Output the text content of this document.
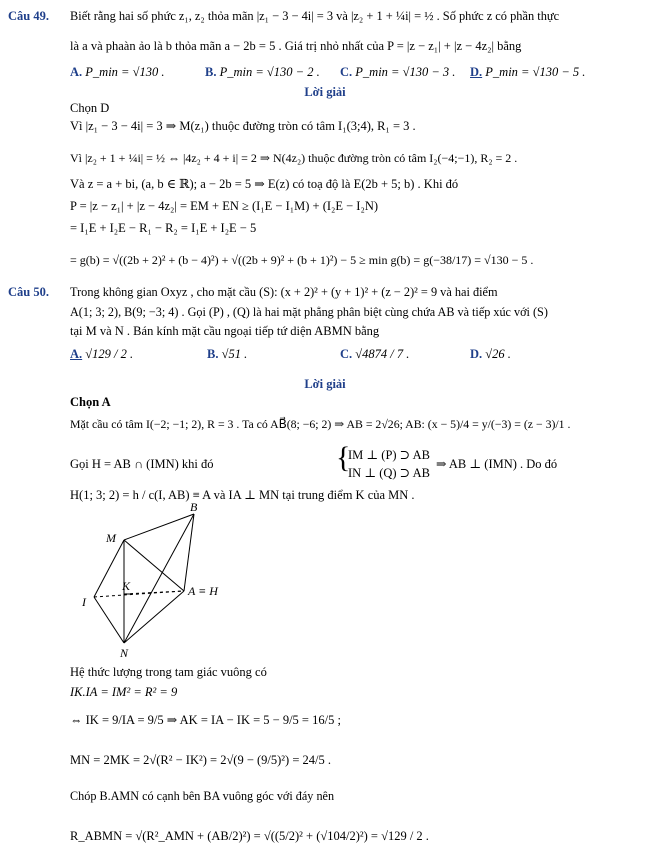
Câu 49. Biết rằng hai số phức z₁, z₂ thỏa mãn |z₁ − 3 − 4i| = 3 và |z₂ + 1 + ¼i| = ½ . Số phức z có phần thực
là a và phaàn ảo là b thỏa mãn a − 2b = 5 . Giá trị nhỏ nhất của P = |z − z₁| + |z − 4z₂| bằng
A. P_min = √130 .	B. P_min = √130 − 2 . C. P_min = √130 − 3 . D. P_min = √130 − 5 .
Lời giải
Chọn D
Vì |z₁ − 3 − 4i| = 3 ⇒ M(z₁) thuộc đường tròn có tâm I₁(3;4), R₁ = 3 .
Vì |z₂ + 1 + ¼i| = ½ ⇔ |4z₂ + 4 + i| = 2 ⇒ N(4z₂) thuộc đường tròn có tâm I₂(−4;−1), R₂ = 2 .
Và z = a + bi, (a, b ∈ ℝ); a − 2b = 5 ⇒ E(z) có toạ độ là E(2b + 5; b) . Khi đó
P = |z − z₁| + |z − 4z₂| = EM + EN ≥ (I₁E − I₁M) + (I₂E − I₂N)
= I₁E + I₂E − R₁ − R₂ = I₁E + I₂E − 5
= g(b) = √((2b + 2)² + (b − 4)²) + √((2b + 9)² + (b + 1)²) − 5 ≥ min g(b) = g(−38/17) = √130 − 5 .
Câu 50. Trong không gian Oxyz , cho mặt cầu (S): (x + 2)² + (y + 1)² + (z − 2)² = 9 và hai điểm
A(1; 3; 2), B(9; −3; 4) . Gọi (P) , (Q) là hai mặt phẳng phân biệt cùng chứa AB và tiếp xúc với (S)
tại M và N . Bán kính mặt cầu ngoại tiếp tứ diện ABMN bằng
A. √129 / 2 .	B. √51 .	C. √4874 / 7 .	D. √26 .
Lời giải
Chọn A
Mặt cầu có tâm I(−2; −1; 2), R = 3 . Ta có AB⃗(8; −6; 2) ⇒ AB = 2√26; AB: (x − 5)/4 = y/(−3) = (z − 3)/1 .
Gọi H = AB ∩ (IMN) khi đó	{
IM ⊥ (P) ⊃ AB
IN ⊥ (Q) ⊃ AB
⇒ AB ⊥ (IMN) . Do đó
H(1; 3; 2) = h / c(I, AB) ≡ A và IA ⊥ MN tại trung điểm K của MN .
B
M
K	A ≡ H
I
N
Hệ thức lượng trong tam giác vuông có
IK.IA = IM² = R² = 9
⇔ IK = 9/IA = 9/5 ⇒ AK = IA − IK = 5 − 9/5 = 16/5 ;
MN = 2MK = 2√(R² − IK²) = 2√(9 − (9/5)²) = 24/5 .
Chóp B.AMN có cạnh bên BA vuông góc với đáy nên
R_ABMN = √(R²_AMN + (AB/2)²) = √((5/2)² + (√104/2)²) = √129 / 2 .
